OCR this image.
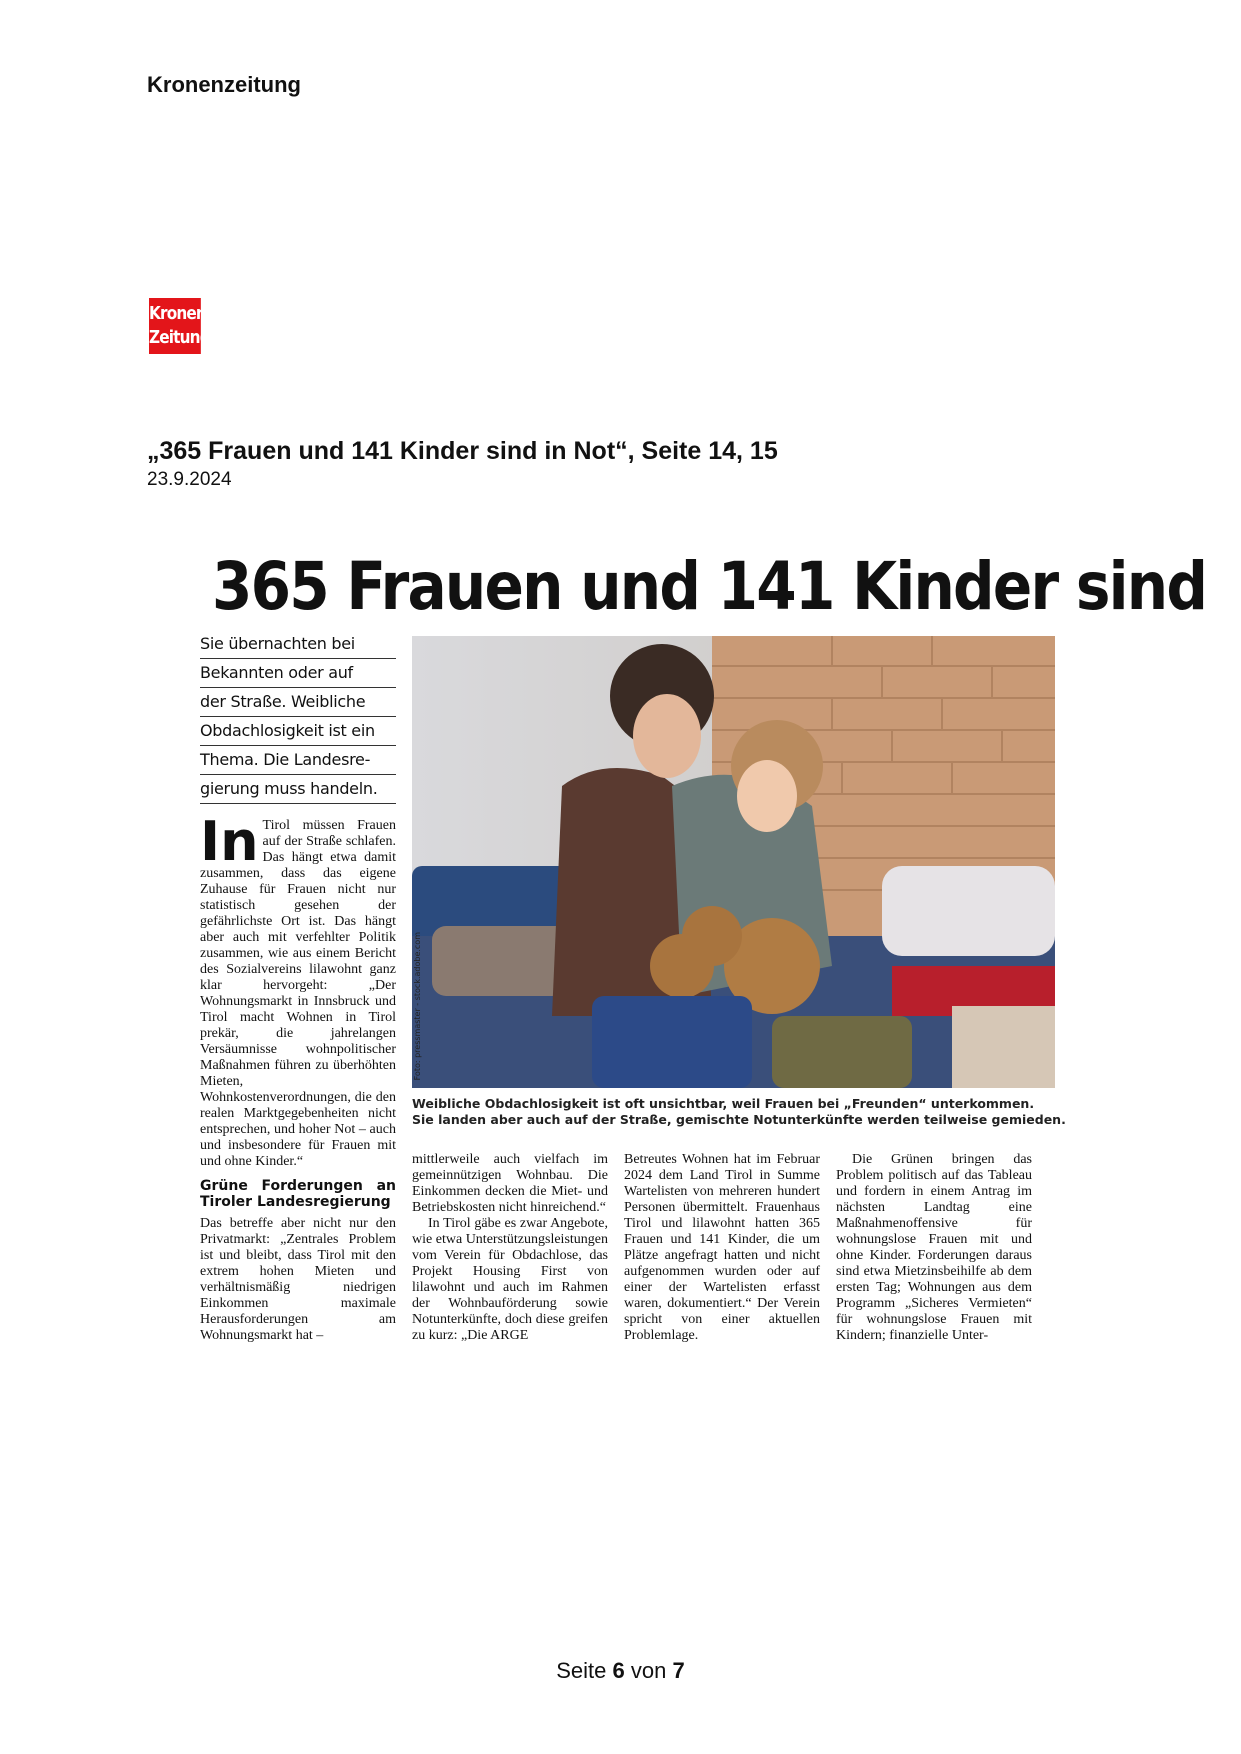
Kronenzeitung
Kronen
Zeitung
„365 Frauen und 141 Kinder sind in Not“, Seite 14, 15
23.9.2024
365 Frauen und 141 Kinder sind
Sie übernachten bei
Bekannten oder auf
der Straße. Weibliche
Obdachlosigkeit ist ein
Thema. Die Landesre-
gierung muss handeln.
In Tirol müssen Frauen auf der Straße schlafen. Das hängt etwa damit zusammen, dass das eigene Zuhause für Frauen nicht nur statistisch gesehen der gefährlichste Ort ist. Das hängt aber auch mit verfehlter Politik zusammen, wie aus einem Bericht des Sozialvereins lilawohnt ganz klar hervorgeht: „Der Wohnungsmarkt in Innsbruck und Tirol macht Wohnen in Tirol prekär, die jahrelangen Versäumnisse wohnpolitischer Maßnahmen führen zu überhöhten Mieten, Wohnkostenverordnungen, die den realen Marktgegebenheiten nicht entsprechen, und hoher Not – auch und insbesondere für Frauen mit und ohne Kinder.“
Grüne Forderungen an Tiroler Landesregierung
Das betreffe aber nicht nur den Privatmarkt: „Zentrales Problem ist und bleibt, dass Tirol mit den extrem hohen Mieten und verhältnismäßig niedrigen Einkommen maximale Herausforderungen am Wohnungsmarkt hat –
Foto: pressmaster - stock.adobe.com
Weibliche Obdachlosigkeit ist oft unsichtbar, weil Frauen bei „Freunden“ unterkommen.
Sie landen aber auch auf der Straße, gemischte Notunterkünfte werden teilweise gemieden.
mittlerweile auch vielfach im gemeinnützigen Wohnbau. Die Einkommen decken die Miet- und Betriebskosten nicht hinreichend.“
In Tirol gäbe es zwar Angebote, wie etwa Unterstützungsleistungen vom Verein für Obdachlose, das Projekt Housing First von lilawohnt und auch im Rahmen der Wohnbauförderung sowie Notunterkünfte, doch diese greifen zu kurz: „Die ARGE
Betreutes Wohnen hat im Februar 2024 dem Land Tirol in Summe Wartelisten von mehreren hundert Personen übermittelt. Frauenhaus Tirol und lilawohnt hatten 365 Frauen und 141 Kinder, die um Plätze angefragt hatten und nicht aufgenommen wurden oder auf einer der Wartelisten erfasst waren, dokumentiert.“ Der Verein spricht von einer aktuellen Problemlage.
Die Grünen bringen das Problem politisch auf das Tableau und fordern in einem Antrag im nächsten Landtag eine Maßnahmenoffensive für wohnungslose Frauen mit und ohne Kinder. Forderungen daraus sind etwa Mietzinsbeihilfe ab dem ersten Tag; Wohnungen aus dem Programm „Sicheres Vermieten“ für wohnungslose Frauen mit Kindern; finanzielle Unter-
Seite 6 von 7
